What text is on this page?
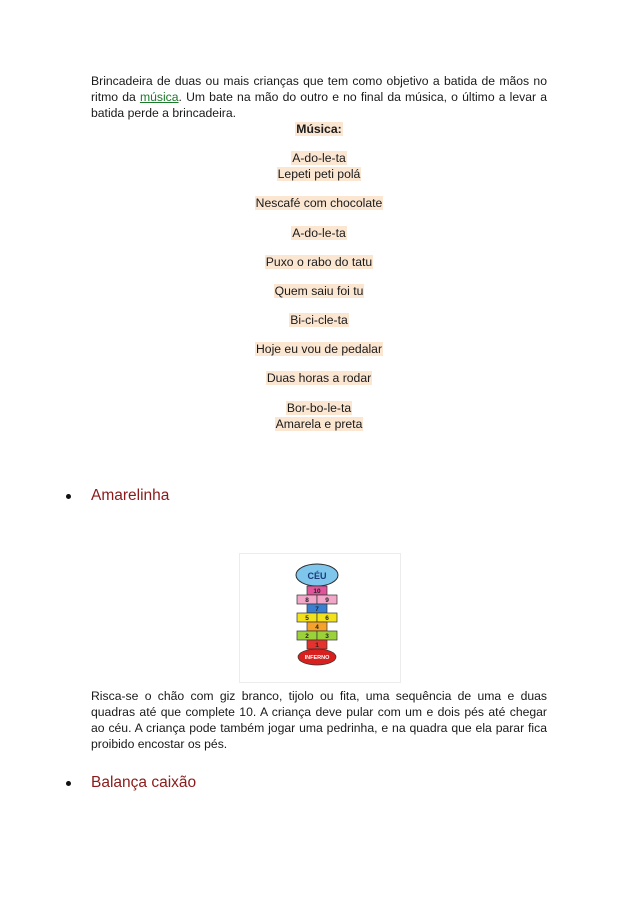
Brincadeira de duas ou mais crianças que tem como objetivo a batida de mãos no ritmo da música. Um bate na mão do outro e no final da música, o último a levar a batida perde a brincadeira.

Música:
A-do-le-ta
Lepeti peti polá
Nescafé com chocolate
A-do-le-ta
Puxo o rabo do tatu
Quem saiu foi tu
Bi-ci-cle-ta
Hoje eu vou de pedalar
Duas horas a rodar
Bor-bo-le-ta
Amarela e preta
Amarelinha
CÉU
10
8	9
7
5	6
4
2	3
1
INFERNO

Risca-se o chão com giz branco, tijolo ou fita, uma sequência de uma e duas quadras até que complete 10. A criança deve pular com um e dois pés até chegar ao céu. A criança pode também jogar uma pedrinha, e na quadra que ela parar fica proibido encostar os pés.

Balança caixão
